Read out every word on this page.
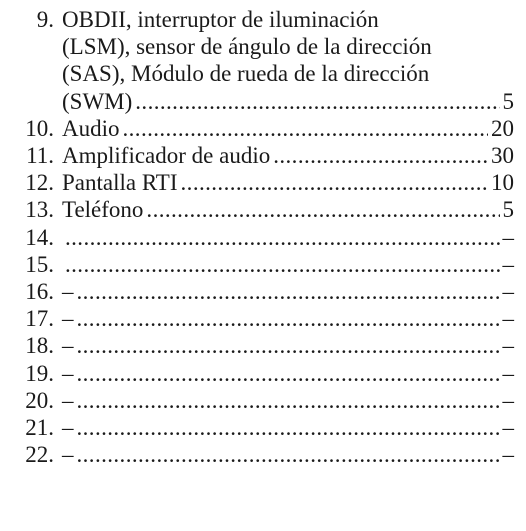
9. OBDII, interruptor de iluminación
(LSM), sensor de ángulo de la dirección
(SAS), Módulo de rueda de la dirección
(SWM) .....	5
10. Audio .....	20
11. Amplificador de audio .....	30
12. Pantalla RTI .....	10
13. Teléfono .....	5
14. .....	–
15. .....	–
16. – .....	–
17. – .....	–
18. – .....	–
19. – .....	–
20. – .....	–
21. – .....	–
22. – .....	–
